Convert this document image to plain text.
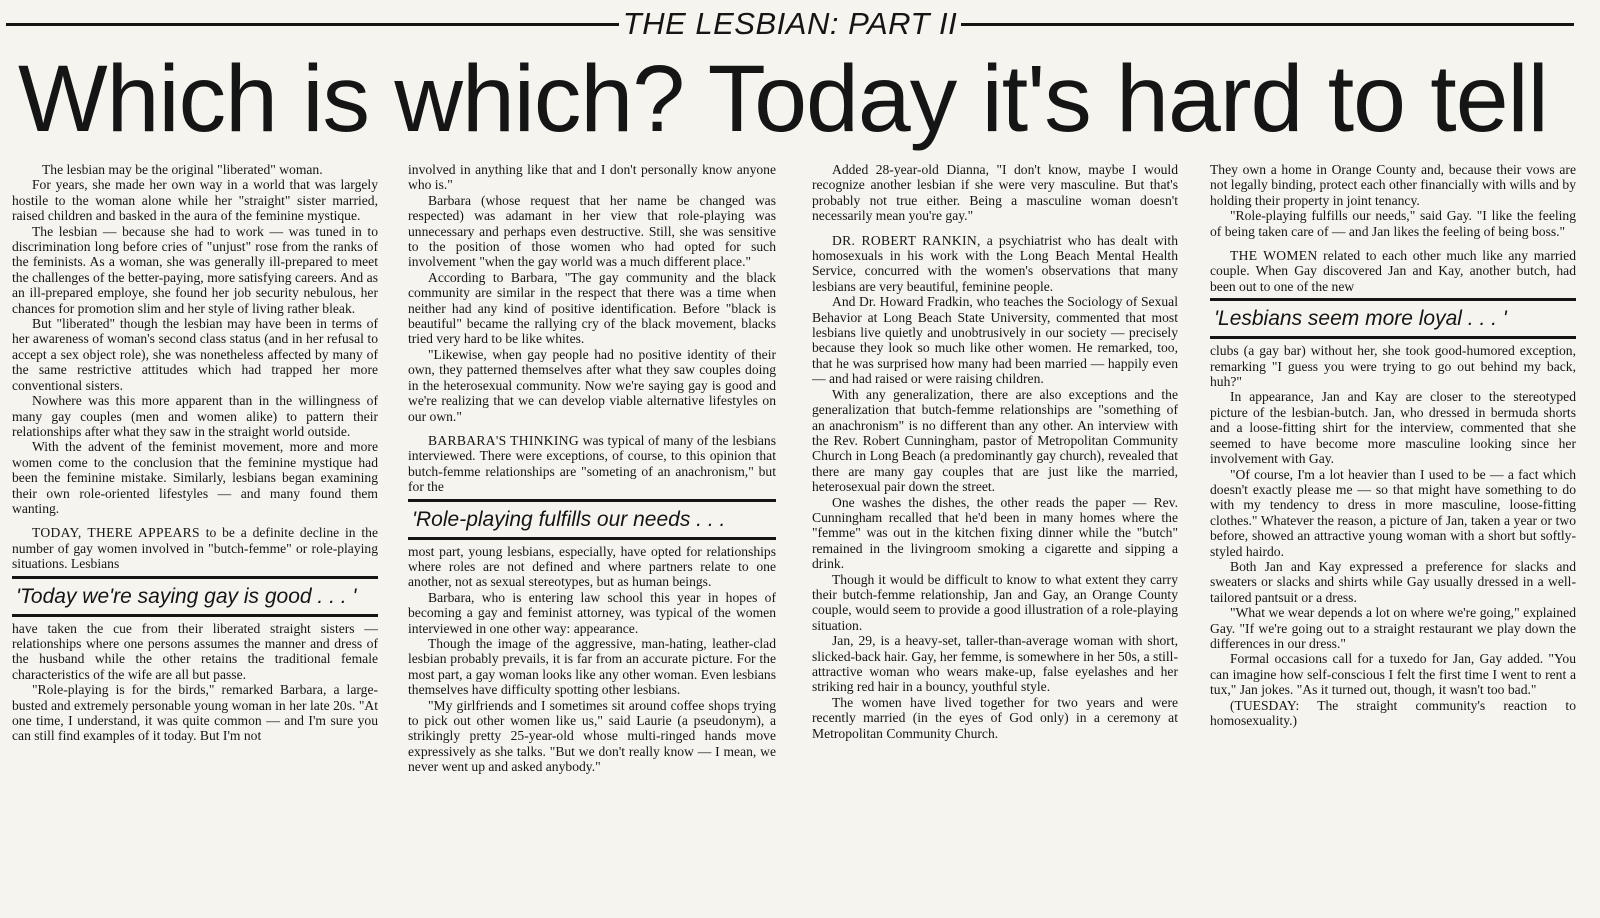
THE LESBIAN: PART II
Which is which? Today it's hard to tell

The lesbian may be the original "liberated" woman.

For years, she made her own way in a world that was largely hostile to the woman alone while her "straight" sister married, raised children and basked in the aura of the feminine mystique.

The lesbian — because she had to work — was tuned in to discrimination long before cries of "unjust" rose from the ranks of the feminists. As a woman, she was generally ill-prepared to meet the challenges of the better-paying, more satisfying careers. And as an ill-prepared employe, she found her job security nebulous, her chances for promotion slim and her style of living rather bleak.

But "liberated" though the lesbian may have been in terms of her awareness of woman's second class status (and in her refusal to accept a sex object role), she was nonetheless affected by many of the same restrictive attitudes which had trapped her more conventional sisters.

Nowhere was this more apparent than in the willingness of many gay couples (men and women alike) to pattern their relationships after what they saw in the straight world outside.

With the advent of the feminist movement, more and more women come to the conclusion that the feminine mystique had been the feminine mistake. Similarly, lesbians began examining their own role-oriented lifestyles — and many found them wanting.

TODAY, THERE APPEARS to be a definite decline in the number of gay women involved in "butch-femme" or role-playing situations. Lesbians

'Today we're saying gay is good . . . '

have taken the cue from their liberated straight sisters — relationships where one persons assumes the manner and dress of the husband while the other retains the traditional female characteristics of the wife are all but passe.

"Role-playing is for the birds," remarked Barbara, a large-busted and extremely personable young woman in her late 20s. "At one time, I understand, it was quite common — and I'm sure you can still find examples of it today. But I'm not

involved in anything like that and I don't personally know anyone who is."

Barbara (whose request that her name be changed was respected) was adamant in her view that role-playing was unnecessary and perhaps even destructive. Still, she was sensitive to the position of those women who had opted for such involvement "when the gay world was a much different place."

According to Barbara, "The gay community and the black community are similar in the respect that there was a time when neither had any kind of positive identification. Before "black is beautiful" became the rallying cry of the black movement, blacks tried very hard to be like whites.

"Likewise, when gay people had no positive identity of their own, they patterned themselves after what they saw couples doing in the heterosexual community. Now we're saying gay is good and we're realizing that we can develop viable alternative lifestyles on our own."

BARBARA'S THINKING was typical of many of the lesbians interviewed. There were exceptions, of course, to this opinion that butch-femme relationships are "someting of an anachronism," but for the

'Role-playing fulfills our needs . . .

most part, young lesbians, especially, have opted for relationships where roles are not defined and where partners relate to one another, not as sexual stereotypes, but as human beings.

Barbara, who is entering law school this year in hopes of becoming a gay and feminist attorney, was typical of the women interviewed in one other way: appearance.

Though the image of the aggressive, man-hating, leather-clad lesbian probably prevails, it is far from an accurate picture. For the most part, a gay woman looks like any other woman. Even lesbians themselves have difficulty spotting other lesbians.

"My girlfriends and I sometimes sit around coffee shops trying to pick out other women like us," said Laurie (a pseudonym), a strikingly pretty 25-year-old whose multi-ringed hands move expressively as she talks. "But we don't really know — I mean, we never went up and asked anybody."

Added 28-year-old Dianna, "I don't know, maybe I would recognize another lesbian if she were very masculine. But that's probably not true either. Being a masculine woman doesn't necessarily mean you're gay."

DR. ROBERT RANKIN, a psychiatrist who has dealt with homosexuals in his work with the Long Beach Mental Health Service, concurred with the women's observations that many lesbians are very beautiful, feminine people.

And Dr. Howard Fradkin, who teaches the Sociology of Sexual Behavior at Long Beach State University, commented that most lesbians live quietly and unobtrusively in our society — precisely because they look so much like other women. He remarked, too, that he was surprised how many had been married — happily even — and had raised or were raising children.

With any generalization, there are also exceptions and the generalization that butch-femme relationships are "something of an anachronism" is no different than any other. An interview with the Rev. Robert Cunningham, pastor of Metropolitan Community Church in Long Beach (a predominantly gay church), revealed that there are many gay couples that are just like the married, heterosexual pair down the street.

One washes the dishes, the other reads the paper — Rev. Cunningham recalled that he'd been in many homes where the "femme" was out in the kitchen fixing dinner while the "butch" remained in the livingroom smoking a cigarette and sipping a drink.

Though it would be difficult to know to what extent they carry their butch-femme relationship, Jan and Gay, an Orange County couple, would seem to provide a good illustration of a role-playing situation.

Jan, 29, is a heavy-set, taller-than-average woman with short, slicked-back hair. Gay, her femme, is somewhere in her 50s, a still-attractive woman who wears make-up, false eyelashes and her striking red hair in a bouncy, youthful style.

The women have lived together for two years and were recently married (in the eyes of God only) in a ceremony at Metropolitan Community Church.

They own a home in Orange County and, because their vows are not legally binding, protect each other financially with wills and by holding their property in joint tenancy.

"Role-playing fulfills our needs," said Gay. "I like the feeling of being taken care of — and Jan likes the feeling of being boss."

THE WOMEN related to each other much like any married couple. When Gay discovered Jan and Kay, another butch, had been out to one of the new

'Lesbians seem more loyal . . . '

clubs (a gay bar) without her, she took good-humored exception, remarking "I guess you were trying to go out behind my back, huh?"

In appearance, Jan and Kay are closer to the stereotyped picture of the lesbian-butch. Jan, who dressed in bermuda shorts and a loose-fitting shirt for the interview, commented that she seemed to have become more masculine looking since her involvement with Gay.

"Of course, I'm a lot heavier than I used to be — a fact which doesn't exactly please me — so that might have something to do with my tendency to dress in more masculine, loose-fitting clothes." Whatever the reason, a picture of Jan, taken a year or two before, showed an attractive young woman with a short but softly-styled hairdo.

Both Jan and Kay expressed a preference for slacks and sweaters or slacks and shirts while Gay usually dressed in a well-tailored pantsuit or a dress.

"What we wear depends a lot on where we're going," explained Gay. "If we're going out to a straight restaurant we play down the differences in our dress."

Formal occasions call for a tuxedo for Jan, Gay added. "You can imagine how self-conscious I felt the first time I went to rent a tux," Jan jokes. "As it turned out, though, it wasn't too bad."

(TUESDAY: The straight community's reaction to homosexuality.)
